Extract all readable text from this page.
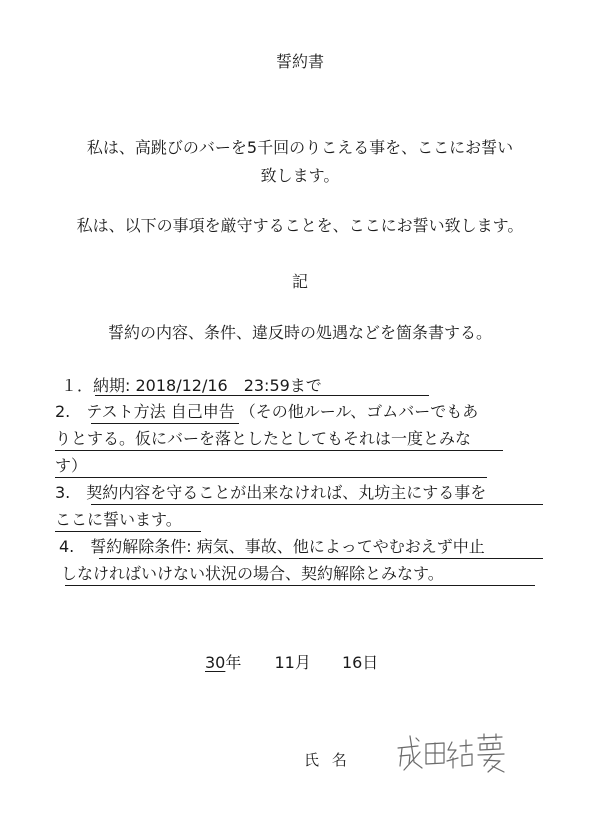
誓約書
私は、高跳びのバーを5千回のりこえる事を、ここにお誓い
致します。
私は、以下の事項を厳守することを、ここにお誓い致します。
記
誓約の内容、条件、違反時の処遇などを箇条書する。
１．納期: 2018/12/16　23:59まで
2.　テスト方法 自己申告 （その他ルール、ゴムバーでもあ
りとする。仮にバーを落としたとしてもそれは一度とみな
す）
3.　契約内容を守ることが出来なければ、丸坊主にする事を
ここに誓います。
4.　誓約解除条件: 病気、事故、他によってやむおえず中止
しなければいけない状況の場合、契約解除とみなす。
30年 11月 16日
氏 名
